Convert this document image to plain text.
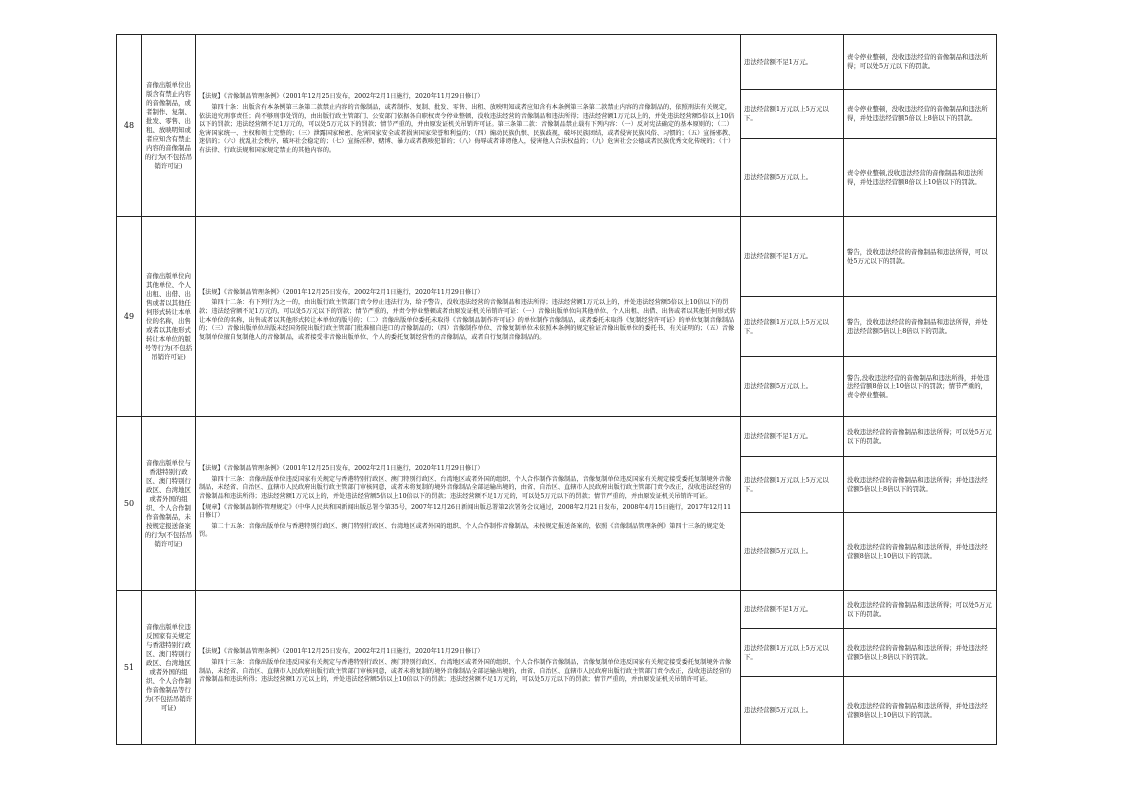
48	音像出版单位出版含有禁止内容的音像制品，或者制作、复制、批发、零售、出租、放映明知或者应知含有禁止内容的音像制品的行为(不包括吊销许可证)	【法规】《音像制品管理条例》（2001年12月25日发布，2002年2月1日施行，2020年11月29日修订）

　　第四十条：出版含有本条例第三条第二款禁止内容的音像制品，或者制作、复制、批发、零售、出租、放映明知或者应知含有本条例第三条第二款禁止内容的音像制品的，依照刑法有关规定，依法追究刑事责任；尚不够刑事处罚的，由出版行政主管部门、公安部门依据各自职权责令停业整顿，没收违法经营的音像制品和违法所得；违法经营额1万元以上的，并处违法经营额5倍以上10倍以下的罚款；违法经营额不足1万元的，可以处5万元以下的罚款；情节严重的，并由原发证机关吊销许可证。第三条第二款：音像制品禁止载有下列内容：（一）反对宪法确定的基本原则的；（二）危害国家统一、主权和领土完整的；（三）泄露国家秘密、危害国家安全或者损害国家荣誉和利益的；（四）煽动民族仇恨、民族歧视，破坏民族团结，或者侵害民族风俗、习惯的；（五）宣扬邪教、迷信的；（六）扰乱社会秩序，破坏社会稳定的；（七）宣扬淫秽、赌博、暴力或者教唆犯罪的；（八）侮辱或者诽谤他人，侵害他人合法权益的；（九）危害社会公德或者民族优秀文化传统的；（十）有法律、行政法规和国家规定禁止的其他内容的。	违法经营额不足1万元。	责令停业整顿，没收违法经营的音像制品和违法所得；可以处5万元以下的罚款。
			违法经营额1万元以上5万元以下。	责令停业整顿，没收违法经营的音像制品和违法所得，并处违法经营额5倍以上8倍以下的罚款。
			违法经营额5万元以上。	责令停业整顿,没收违法经营的音像制品和违法所得，并处违法经营额8倍以上10倍以下的罚款。
49	音像出版单位向其他单位、个人出租、出借、出售或者以其他任何形式转让本单位的名称，出售或者以其他形式转让本单位的版号等行为(不包括吊销许可证)	【法规】《音像制品管理条例》（2001年12月25日发布，2002年2月1日施行，2020年11月29日修订）

　　第四十二条：有下列行为之一的，由出版行政主管部门责令停止违法行为，给予警告，没收违法经营的音像制品和违法所得；违法经营额1万元以上的，并处违法经营额5倍以上10倍以下的罚款；违法经营额不足1万元的，可以处5万元以下的罚款；情节严重的，并责令停业整顿或者由原发证机关吊销许可证：（一）音像出版单位向其他单位、个人出租、出借、出售或者以其他任何形式转让本单位的名称，出售或者以其他形式转让本单位的版号的；（二）音像出版单位委托未取得《音像制品制作许可证》的单位制作音像制品，或者委托未取得《复制经营许可证》的单位复制音像制品的；（三）音像出版单位出版未经国务院出版行政主管部门批准擅自进口的音像制品的；（四）音像制作单位、音像复制单位未依照本条例的规定验证音像出版单位的委托书、有关证明的；（五）音像复制单位擅自复制他人的音像制品，或者接受非音像出版单位、个人的委托复制经营性的音像制品，或者自行复制音像制品的。	违法经营额不足1万元。	警告，没收违法经营的音像制品和违法所得，可以处5万元以下的罚款。
			违法经营额1万元以上5万元以下。	警告，没收违法经营的音像制品和违法所得，并处违法经营额5倍以上8倍以下的罚款。
			违法经营额5万元以上。	警告,没收违法经营的音像制品和违法所得，并处违法经营额8倍以上10倍以下的罚款；情节严重的，责令停业整顿。
50	音像出版单位与香港特别行政区、澳门特别行政区、台湾地区或者外国的组织、个人合作制作音像制品，未按规定报送备案的行为(不包括吊销许可证)	【法规】《音像制品管理条例》（2001年12月25日发布，2002年2月1日施行，2020年11月29日修订）

　　第四十三条：音像出版单位违反国家有关规定与香港特别行政区、澳门特别行政区、台湾地区或者外国的组织、个人合作制作音像制品，音像复制单位违反国家有关规定接受委托复制境外音像制品，未经省、自治区、直辖市人民政府出版行政主管部门审核同意，或者未将复制的境外音像制品全部运输出境的，由省、自治区、直辖市人民政府出版行政主管部门责令改正，没收违法经营的音像制品和违法所得；违法经营额1万元以上的，并处违法经营额5倍以上10倍以下的罚款；违法经营额不足1万元的，可以处5万元以下的罚款；情节严重的，并由原发证机关吊销许可证。

【规章】《音像制品制作管理规定》（中华人民共和国新闻出版总署令第35号，2007年12月26日新闻出版总署第2次署务会议通过，2008年2月21日发布，2008年4月15日施行，2017年12月11日修订）

　　第二十五条：音像出版单位与香港特别行政区、澳门特别行政区、台湾地区或者外国的组织、个人合作制作音像制品，未按规定报送备案的，依照《音像制品管理条例》第四十三条的规定处罚。	违法经营额不足1万元。	没收违法经营的音像制品和违法所得；可以处5万元以下的罚款。
			违法经营额1万元以上5万元以下。	没收违法经营的音像制品和违法所得；并处违法经营额5倍以上8倍以下的罚款。
			违法经营额5万元以上。	没收违法经营的音像制品和违法所得，并处违法经营额8倍以上10倍以下的罚款。
51	音像出版单位违反国家有关规定与香港特别行政区、澳门特别行政区、台湾地区或者外国的组织、个人合作制作音像制品等行为(不包括吊销许可证)	【法规】《音像制品管理条例》（2001年12月25日发布，2002年2月1日施行，2020年11月29日修订）

　　第四十三条：音像出版单位违反国家有关规定与香港特别行政区、澳门特别行政区、台湾地区或者外国的组织、个人合作制作音像制品，音像复制单位违反国家有关规定接受委托复制境外音像制品，未经省、自治区、直辖市人民政府出版行政主管部门审核同意，或者未将复制的境外音像制品全部运输出境的，由省、自治区、直辖市人民政府出版行政主管部门责令改正，没收违法经营的音像制品和违法所得；违法经营额1万元以上的，并处违法经营额5倍以上10倍以下的罚款；违法经营额不足1万元的，可以处5万元以下的罚款；情节严重的，并由原发证机关吊销许可证。	违法经营额不足1万元。	没收违法经营的音像制品和违法所得；可以处5万元以下的罚款。
			违法经营额1万元以上5万元以下。	没收违法经营的音像制品和违法所得；并处违法经营额5倍以上8倍以下的罚款。
			违法经营额5万元以上。	没收违法经营的音像制品和违法所得，并处违法经营额8倍以上10倍以下的罚款。
